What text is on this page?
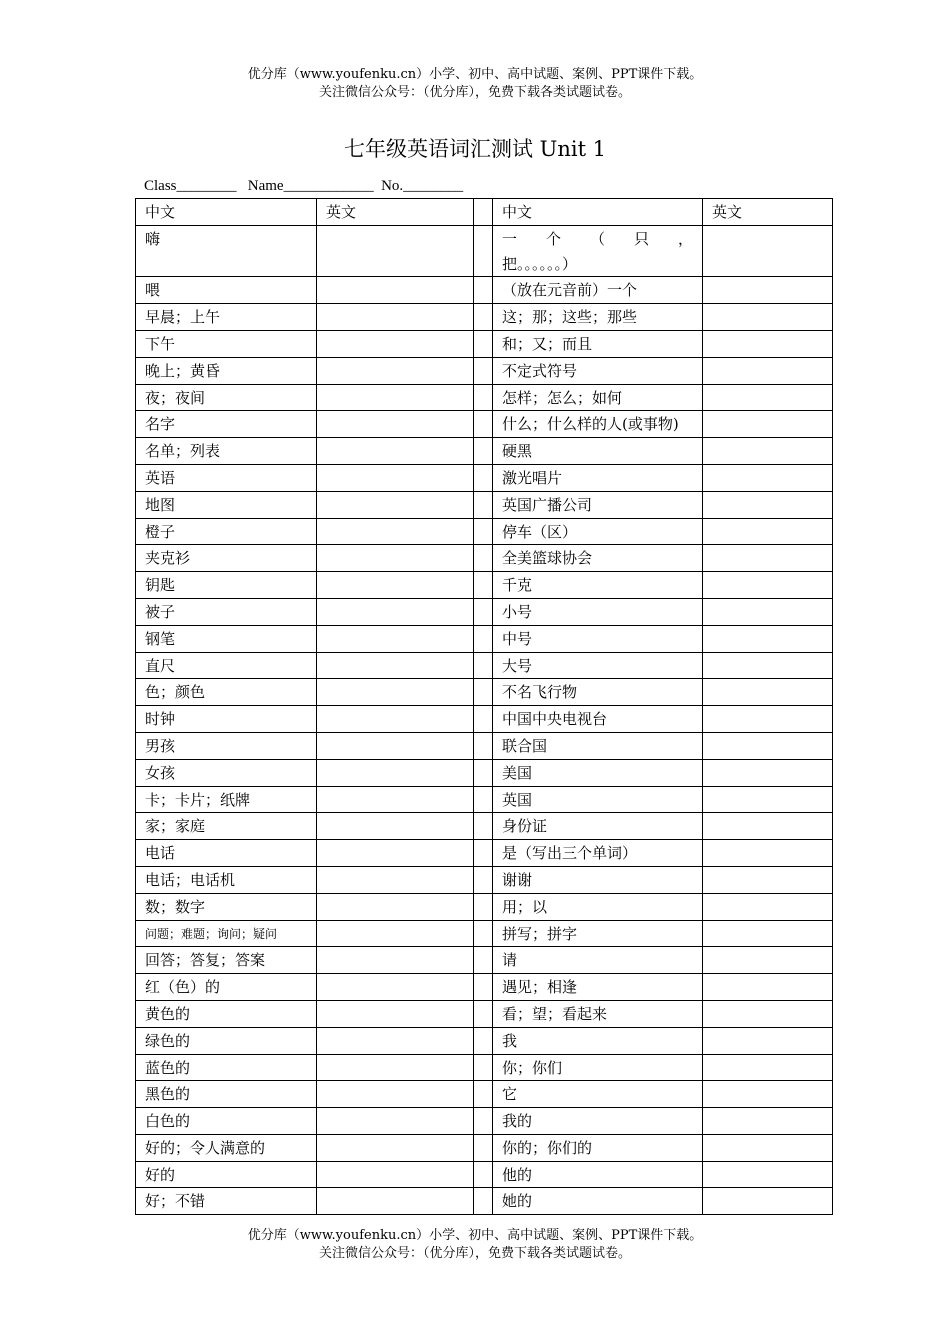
优分库（www.youfenku.cn）小学、初中、高中试题、案例、PPT课件下载。
关注微信公众号：（优分库），免费下载各类试题试卷。
七年级英语词汇测试 Unit 1
Class________   Name____________  No.________
中文	英文		中文	英文
嗨			一 个 （ 只 ，
把。。。。。。）	

喂			（放在元音前）一个	
早晨；上午			这；那；这些；那些	
下午			和；又；而且	
晚上；黄昏			不定式符号	
夜；夜间			怎样；怎么；如何	
名字			什么；什么样的人(或事物)	
名单；列表			硬黑	
英语			激光唱片	
地图			英国广播公司	
橙子			停车（区）	
夹克衫			全美篮球协会	
钥匙			千克	
被子			小号	
钢笔			中号	
直尺			大号	
色；颜色			不名飞行物	
时钟			中国中央电视台	
男孩			联合国	
女孩			美国	
卡；卡片；纸牌			英国	
家；家庭			身份证	
电话			是（写出三个单词）	
电话；电话机			谢谢	
数；数字			用；以	
问题；难题；询问；疑问			拼写；拼字	
回答；答复；答案			请	
红（色）的			遇见；相逢	
黄色的			看；望；看起来	
绿色的			我	
蓝色的			你；你们	
黑色的			它	
白色的			我的	
好的；令人满意的			你的；你们的	
好的			他的	
好；不错			她的	
优分库（www.youfenku.cn）小学、初中、高中试题、案例、PPT课件下载。
关注微信公众号：（优分库），免费下载各类试题试卷。
